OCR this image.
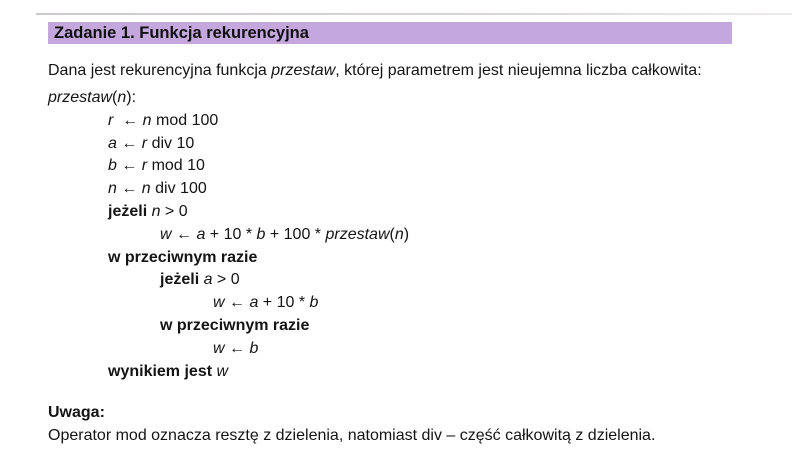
Zadanie 1. Funkcja rekurencyjna

Dana jest rekurencyjna funkcja przestaw, której parametrem jest nieujemna liczba całkowita:

przestaw(n):
r  ← n mod 100
a ← r div 10
b ← r mod 10
n ← n div 100
jeżeli n > 0
w ← a + 10 * b + 100 * przestaw(n)
w przeciwnym razie
jeżeli a > 0
w ← a + 10 * b
w przeciwnym razie
w ← b
wynikiem jest w
Uwaga:
Operator mod oznacza resztę z dzielenia, natomiast div – część całkowitą z dzielenia.
